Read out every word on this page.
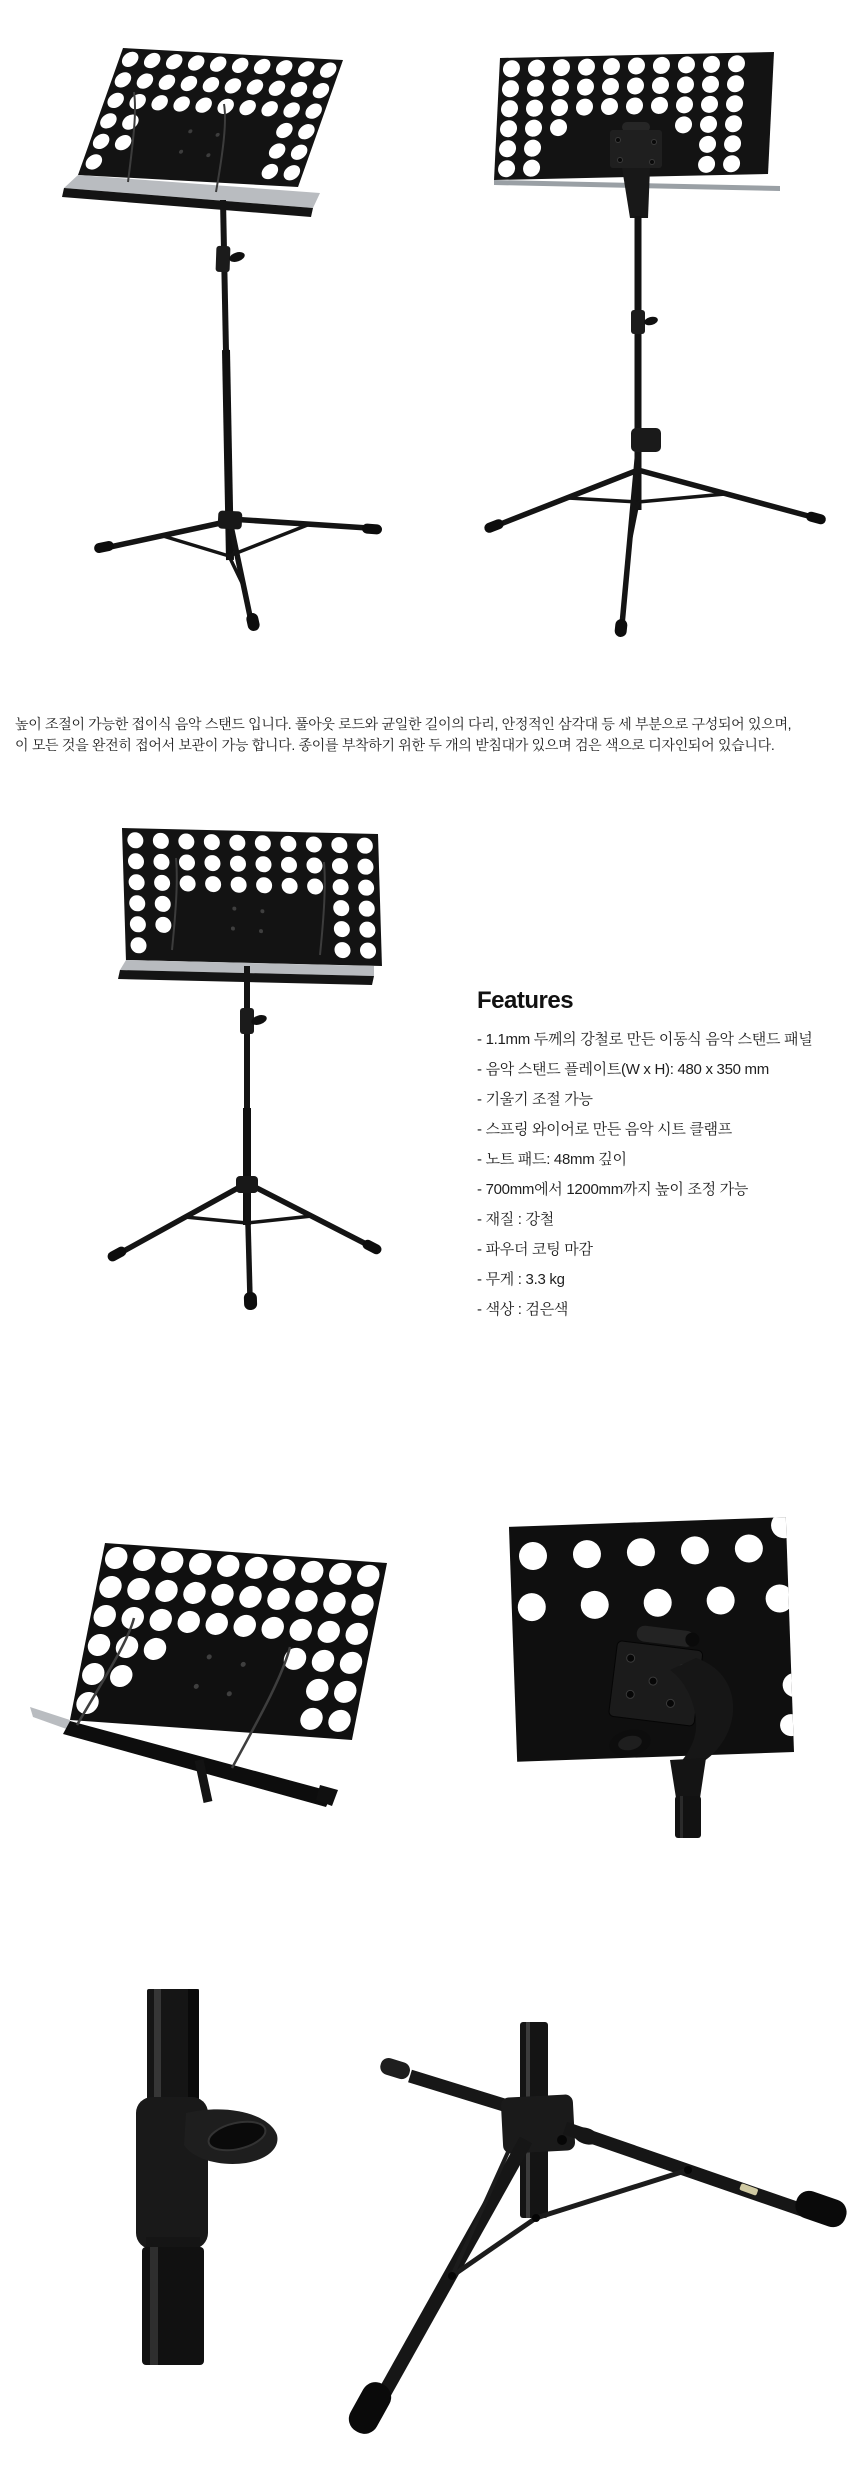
높이 조절이 가능한 접이식 음악 스탠드 입니다. 풀아웃 로드와 균일한 길이의 다리, 안정적인 삼각대 등 세 부분으로 구성되어 있으며,
이 모든 것을 완전히 접어서 보관이 가능 합니다. 종이를 부착하기 위한 두 개의 받침대가 있으며 검은 색으로 디자인되어 있습니다.

Features
- 1.1mm 두께의 강철로 만든 이동식 음악 스탠드 패널
- 음악 스탠드 플레이트(W x H): 480 x 350 mm
- 기울기 조절 가능
- 스프링 와이어로 만든 음악 시트 클램프
- 노트 패드: 48mm 깊이
- 700mm에서 1200mm까지 높이 조정 가능
- 재질 : 강철
- 파우더 코팅 마감
- 무게 : 3.3 kg
- 색상 : 검은색
